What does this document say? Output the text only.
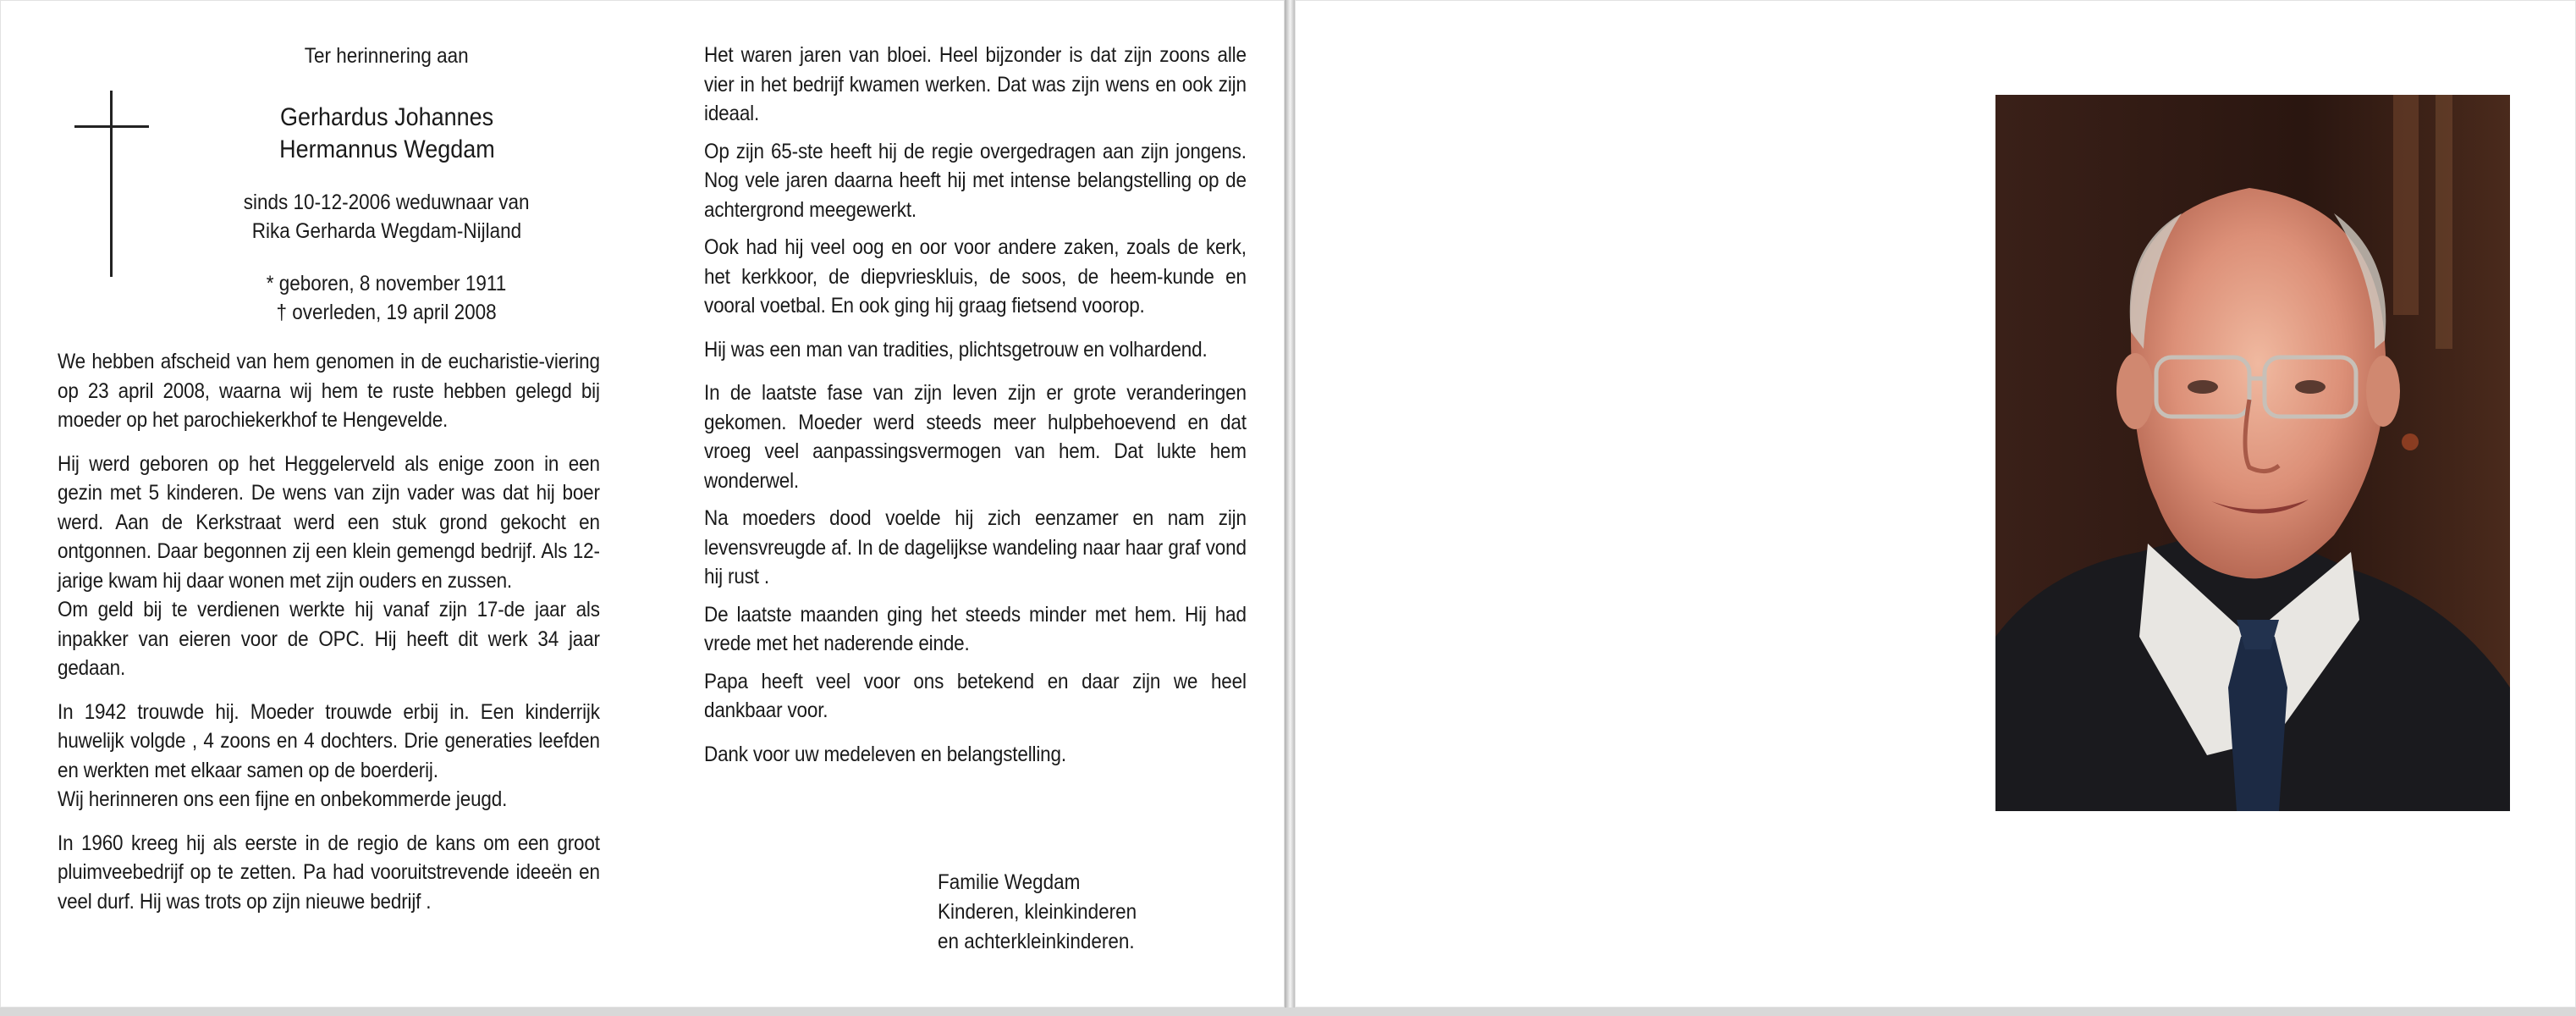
Ter herinnering aan
Gerhardus Johannes
Hermannus Wegdam
sinds 10-12-2006 weduwnaar van
Rika Gerharda Wegdam-Nijland
* geboren, 8 november 1911
† overleden, 19 april 2008

We hebben afscheid van hem genomen in de eucharistie-viering op 23 april 2008, waarna wij hem te ruste hebben gelegd bij moeder op het parochiekerkhof te Hengevelde.

Hij werd geboren op het Heggelerveld als enige zoon in een gezin met 5 kinderen. De wens van zijn vader was dat hij boer werd. Aan de Kerkstraat werd een stuk grond gekocht en ontgonnen. Daar begonnen zij een klein gemengd bedrijf. Als 12-jarige kwam hij daar wonen met zijn ouders en zussen.

Om geld bij te verdienen werkte hij vanaf zijn 17-de jaar als inpakker van eieren voor de OPC. Hij heeft dit werk 34 jaar gedaan.

In 1942 trouwde hij. Moeder trouwde erbij in. Een kinderrijk huwelijk volgde , 4 zoons en 4 dochters. Drie generaties leefden en werkten met elkaar samen op de boerderij.

Wij herinneren ons een fijne en onbekommerde jeugd.

In 1960 kreeg hij als eerste in de regio de kans om een groot pluimveebedrijf op te zetten. Pa had vooruitstrevende ideeën en veel durf. Hij was trots op zijn nieuwe bedrijf .

Het waren jaren van bloei. Heel bijzonder is dat zijn zoons alle vier in het bedrijf kwamen werken. Dat was zijn wens en ook zijn ideaal.

Op zijn 65-ste heeft hij de regie overgedragen aan zijn jongens. Nog vele jaren daarna heeft hij met intense belangstelling op de achtergrond meegewerkt.

Ook had hij veel oog en oor voor andere zaken, zoals de kerk, het kerkkoor, de diepvrieskluis, de soos, de heem-kunde en vooral voetbal. En ook ging hij graag fietsend voorop.

Hij was een man van tradities, plichtsgetrouw en volhardend.

In de laatste fase van zijn leven zijn er grote veranderingen gekomen. Moeder werd steeds meer hulpbehoevend en dat vroeg veel aanpassingsvermogen van hem. Dat lukte hem wonderwel.

Na moeders dood voelde hij zich eenzamer en nam zijn levensvreugde af. In de dagelijkse wandeling naar haar graf vond hij rust .

De laatste maanden ging het steeds minder met hem. Hij had vrede met het naderende einde.

Papa heeft veel voor ons betekend en daar zijn we heel dankbaar voor.

Dank voor uw medeleven en belangstelling.

Familie Wegdam
Kinderen, kleinkinderen
en achterkleinkinderen.
